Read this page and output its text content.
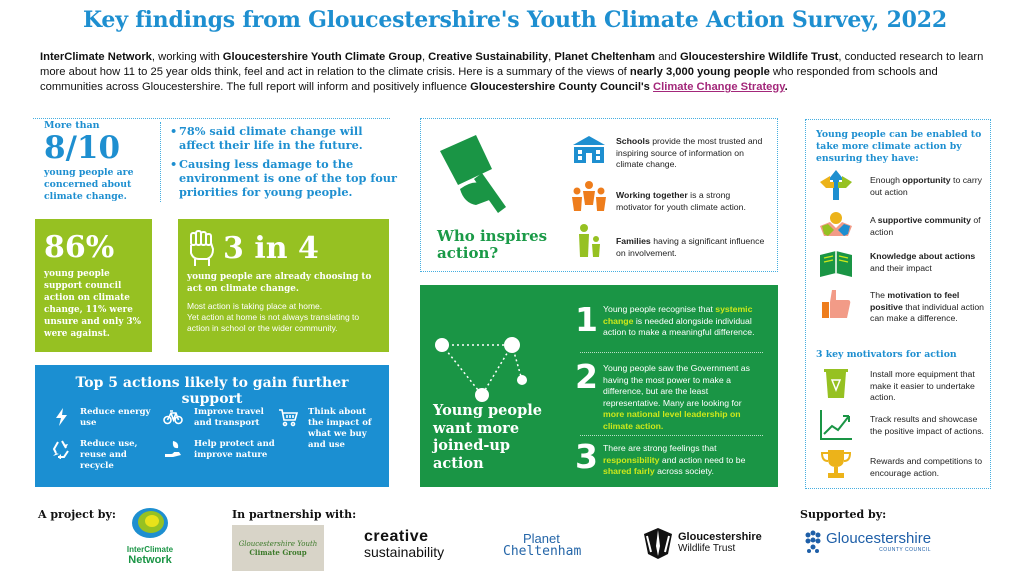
Key findings from Gloucestershire's Youth Climate Action Survey, 2022

InterClimate Network, working with Gloucestershire Youth Climate Group, Creative Sustainability, Planet Cheltenham and Gloucestershire Wildlife Trust, conducted research to learn more about how 11 to 25 year olds think, feel and act in relation to the climate crisis. Here is a summary of the views of nearly 3,000 young people who responded from schools and communities across Gloucestershire. The full report will inform and positively influence Gloucestershire County Council's Climate Change Strategy.

More than
8/10
young people are concerned about climate change.
• 78% said climate change will affect their life in the future.
• Causing less damage to the environment is one of the top four priorities for young people.
86%
young people support council action on climate change, 11% were unsure and only 3% were against.
3 in 4
young people are already choosing to act on climate change.
Most action is taking place at home.
Yet action at home is not always translating to action in school or the wider community.
Top 5 actions likely to gain further support
Reduce energy use
Reduce use, reuse and recycle
Improve travel and transport
Help protect and improve nature
Think about the impact of what we buy and use
Who inspires
action?
Schools provide the most trusted and inspiring source of information on climate change.
Working together is a strong motivator for youth climate action.
Families having a significant influence on involvement.
Young people
want more
joined-up
action
1 Young people recognise that systemic change is needed alongside individual action to make a meaningful difference.
2 Young people saw the Government as having the most power to make a difference, but are the least representative. Many are looking for more national level leadership on climate action.
3 There are strong feelings that responsibility and action need to be shared fairly across society.
Young people can be enabled to take more climate action by ensuring they have:
Enough opportunity to carry out action
A supportive community of action
Knowledge about actions and their impact
The motivation to feel positive that individual action can make a difference.
3 key motivators for action
Install more equipment that make it easier to undertake action.
Track results and showcase the positive impact of actions.
Rewards and competitions to encourage action.
A project by:	In partnership with:	Supported by:
InterClimate
Network
Gloucestershire Youth
Climate Group
creative
sustainability
Planet
Cheltenham
Gloucestershire
Wildlife Trust
Gloucestershire
COUNTY COUNCIL
